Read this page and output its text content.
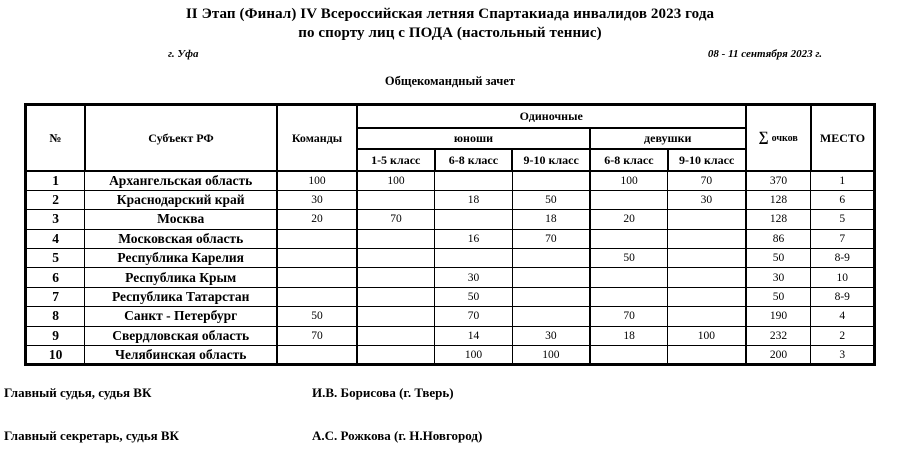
II Этап (Финал) IV Всероссийская летняя Спартакиада инвалидов 2023 года
по спорту лиц с ПОДА (настольный теннис)
г. Уфа	08 - 11 сентября 2023 г.
Общекомандный зачет
№	Субъект РФ	Команды	Одиночные					∑ очков	МЕСТО
			юноши			девушки			
			1-5 класс	6-8 класс	9-10 класс	6-8 класс	9-10 класс		
1	Архангельская область	100	100			100	70	370	1
2	Краснодарский край	30		18	50		30	128	6
3	Москва	20	70		18	20		128	5
4	Московская область			16	70			86	7
5	Республика Карелия					50		50	8-9
6	Республика Крым			30				30	10
7	Республика Татарстан			50				50	8-9
8	Санкт - Петербург	50		70		70		190	4
9	Свердловская область	70		14	30	18	100	232	2
10	Челябинская область			100	100			200	3
Главный судья, судья ВК	И.В. Борисова (г. Тверь)
Главный секретарь, судья ВК	А.С. Рожкова (г. Н.Новгород)
